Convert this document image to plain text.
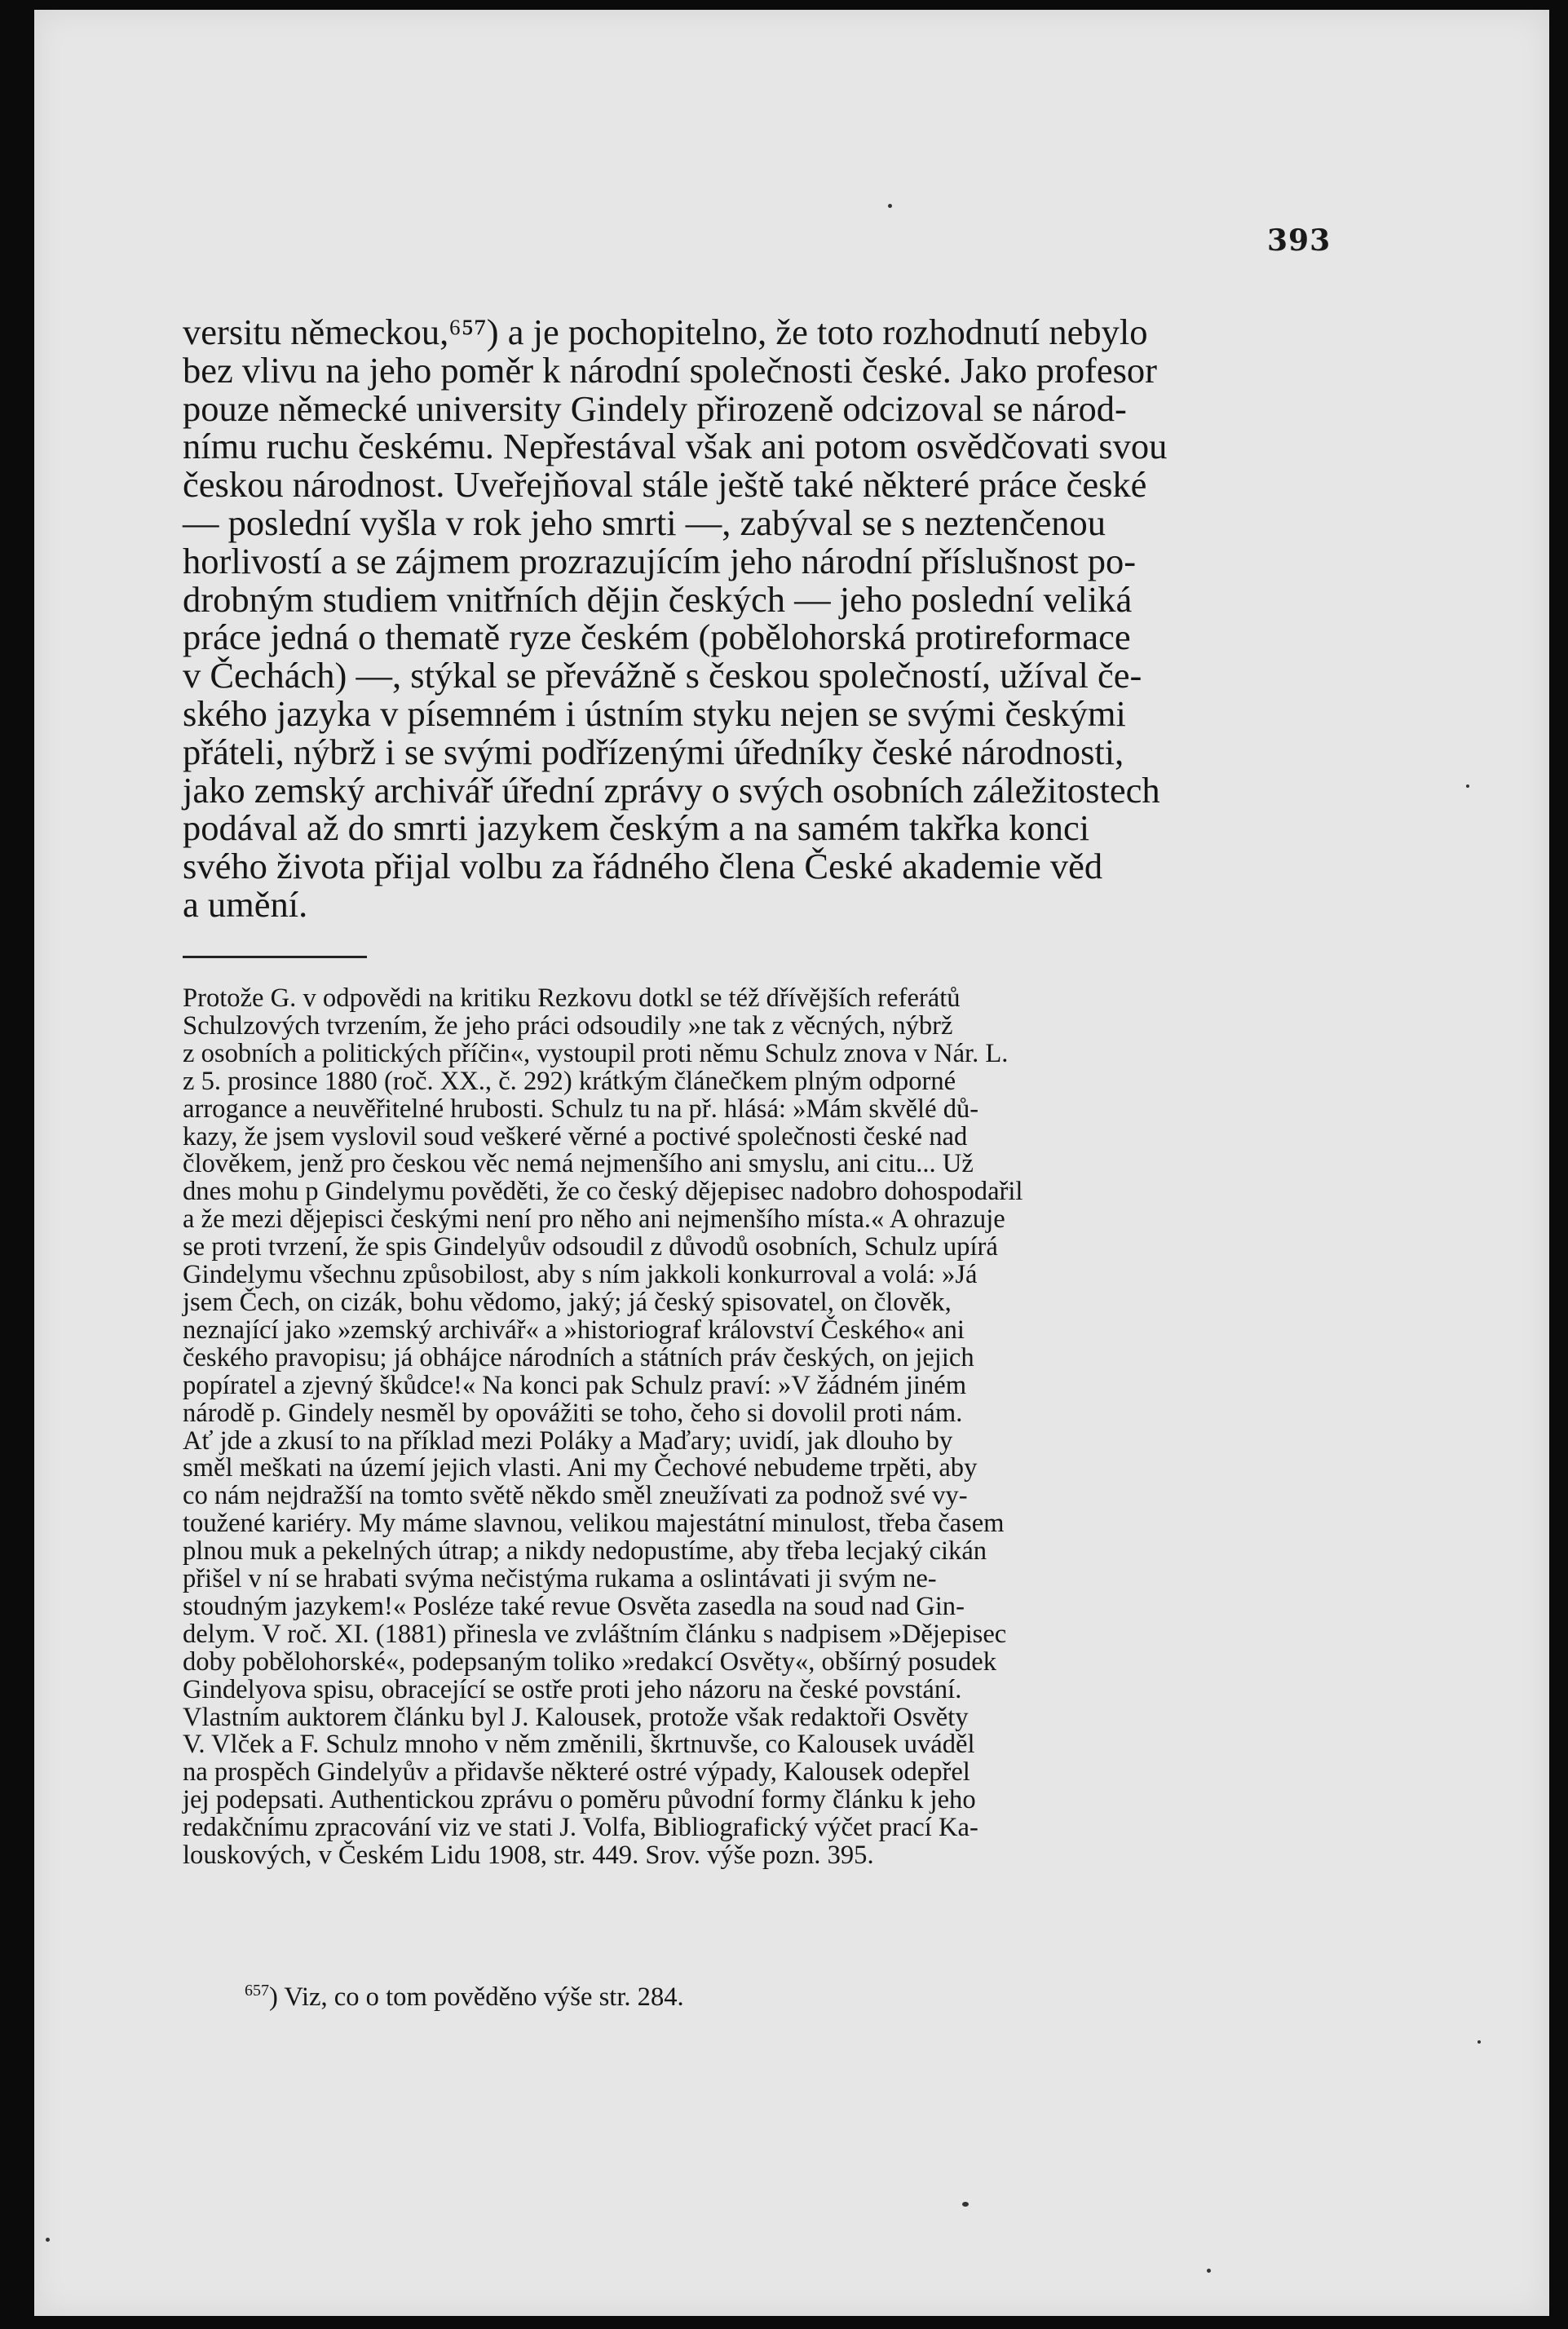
393
versitu německou,⁶⁵⁷) a je pochopitelno, že toto rozhodnutí nebylo
bez vlivu na jeho poměr k národní společnosti české. Jako profesor
pouze německé university Gindely přirozeně odcizoval se národ-
nímu ruchu českému. Nepřestával však ani potom osvědčovati svou
českou národnost. Uveřejňoval stále ještě také některé práce české
— poslední vyšla v rok jeho smrti —, zabýval se s neztenčenou
horlivostí a se zájmem prozrazujícím jeho národní příslušnost po-
drobným studiem vnitřních dějin českých — jeho poslední veliká
práce jedná o thematě ryze českém (pobělohorská protireformace
v Čechách) —, stýkal se převážně s českou společností, užíval če-
ského jazyka v písemném i ústním styku nejen se svými českými
přáteli, nýbrž i se svými podřízenými úředníky české národnosti,
jako zemský archivář úřední zprávy o svých osobních záležitostech
podával až do smrti jazykem českým a na samém takřka konci
svého života přijal volbu za řádného člena České akademie věd
a umění.
Protože G. v odpovědi na kritiku Rezkovu dotkl se též dřívějších referátů
Schulzových tvrzením, že jeho práci odsoudily »ne tak z věcných, nýbrž
z osobních a politických příčin«, vystoupil proti němu Schulz znova v Nár. L.
z 5. prosince 1880 (roč. XX., č. 292) krátkým článečkem plným odporné
arrogance a neuvěřitelné hrubosti. Schulz tu na př. hlásá: »Mám skvělé dů-
kazy, že jsem vyslovil soud veškeré věrné a poctivé společnosti české nad
člověkem, jenž pro českou věc nemá nejmenšího ani smyslu, ani citu... Už
dnes mohu p Gindelymu pověděti, že co český dějepisec nadobro dohospodařil
a že mezi dějepisci českými není pro něho ani nejmenšího místa.« A ohrazuje
se proti tvrzení, že spis Gindelyův odsoudil z důvodů osobních, Schulz upírá
Gindelymu všechnu způsobilost, aby s ním jakkoli konkurroval a volá: »Já
jsem Čech, on cizák, bohu vědomo, jaký; já český spisovatel, on člověk,
neznající jako »zemský archivář« a »historiograf království Českého« ani
českého pravopisu; já obhájce národních a státních práv českých, on jejich
popíratel a zjevný škůdce!« Na konci pak Schulz praví: »V žádném jiném
národě p. Gindely nesměl by opovážiti se toho, čeho si dovolil proti nám.
Ať jde a zkusí to na příklad mezi Poláky a Maďary; uvidí, jak dlouho by
směl meškati na území jejich vlasti. Ani my Čechové nebudeme trpěti, aby
co nám nejdražší na tomto světě někdo směl zneužívati za podnož své vy-
toužené kariéry. My máme slavnou, velikou majestátní minulost, třeba časem
plnou muk a pekelných útrap; a nikdy nedopustíme, aby třeba lecjaký cikán
přišel v ní se hrabati svýma nečistýma rukama a oslintávati ji svým ne-
stoudným jazykem!« Posléze také revue Osvěta zasedla na soud nad Gin-
delym. V roč. XI. (1881) přinesla ve zvláštním článku s nadpisem »Dějepisec
doby pobělohorské«, podepsaným toliko »redakcí Osvěty«, obšírný posudek
Gindelyova spisu, obracející se ostře proti jeho názoru na české povstání.
Vlastním auktorem článku byl J. Kalousek, protože však redaktoři Osvěty
V. Vlček a F. Schulz mnoho v něm změnili, škrtnuvše, co Kalousek uváděl
na prospěch Gindelyův a přidavše některé ostré výpady, Kalousek odepřel
jej podepsati. Authentickou zprávu o poměru původní formy článku k jeho
redakčnímu zpracování viz ve stati J. Volfa, Bibliografický výčet prací Ka-
louskových, v Českém Lidu 1908, str. 449. Srov. výše pozn. 395.
$^{657}$) Viz, co o tom pověděno výše str. 284.
